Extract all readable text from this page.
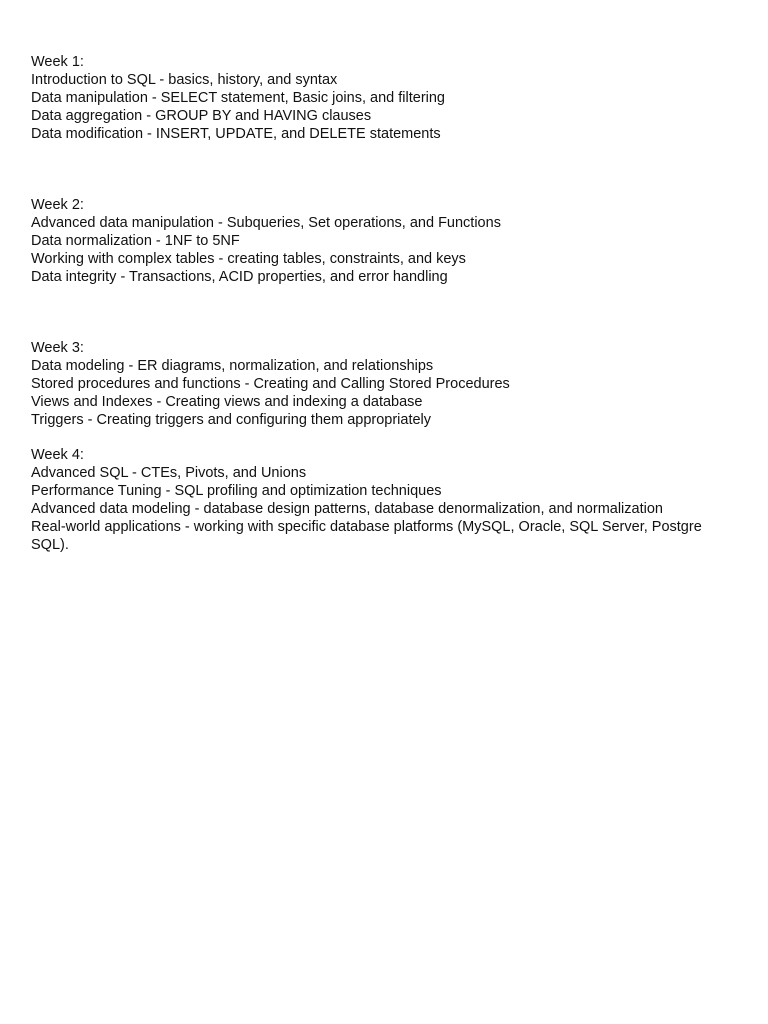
Week 1:
Introduction to SQL - basics, history, and syntax
Data manipulation - SELECT statement, Basic joins, and filtering
Data aggregation - GROUP BY and HAVING clauses
Data modification - INSERT, UPDATE, and DELETE statements
Week 2:
Advanced data manipulation - Subqueries, Set operations, and Functions
Data normalization - 1NF to 5NF
Working with complex tables - creating tables, constraints, and keys
Data integrity - Transactions, ACID properties, and error handling
Week 3:
Data modeling - ER diagrams, normalization, and relationships
Stored procedures and functions - Creating and Calling Stored Procedures
Views and Indexes - Creating views and indexing a database
Triggers - Creating triggers and configuring them appropriately
Week 4:
Advanced SQL - CTEs, Pivots, and Unions
Performance Tuning - SQL profiling and optimization techniques
Advanced data modeling - database design patterns, database denormalization, and normalization
Real-world applications - working with specific database platforms (MySQL, Oracle, SQL Server, Postgre SQL).
